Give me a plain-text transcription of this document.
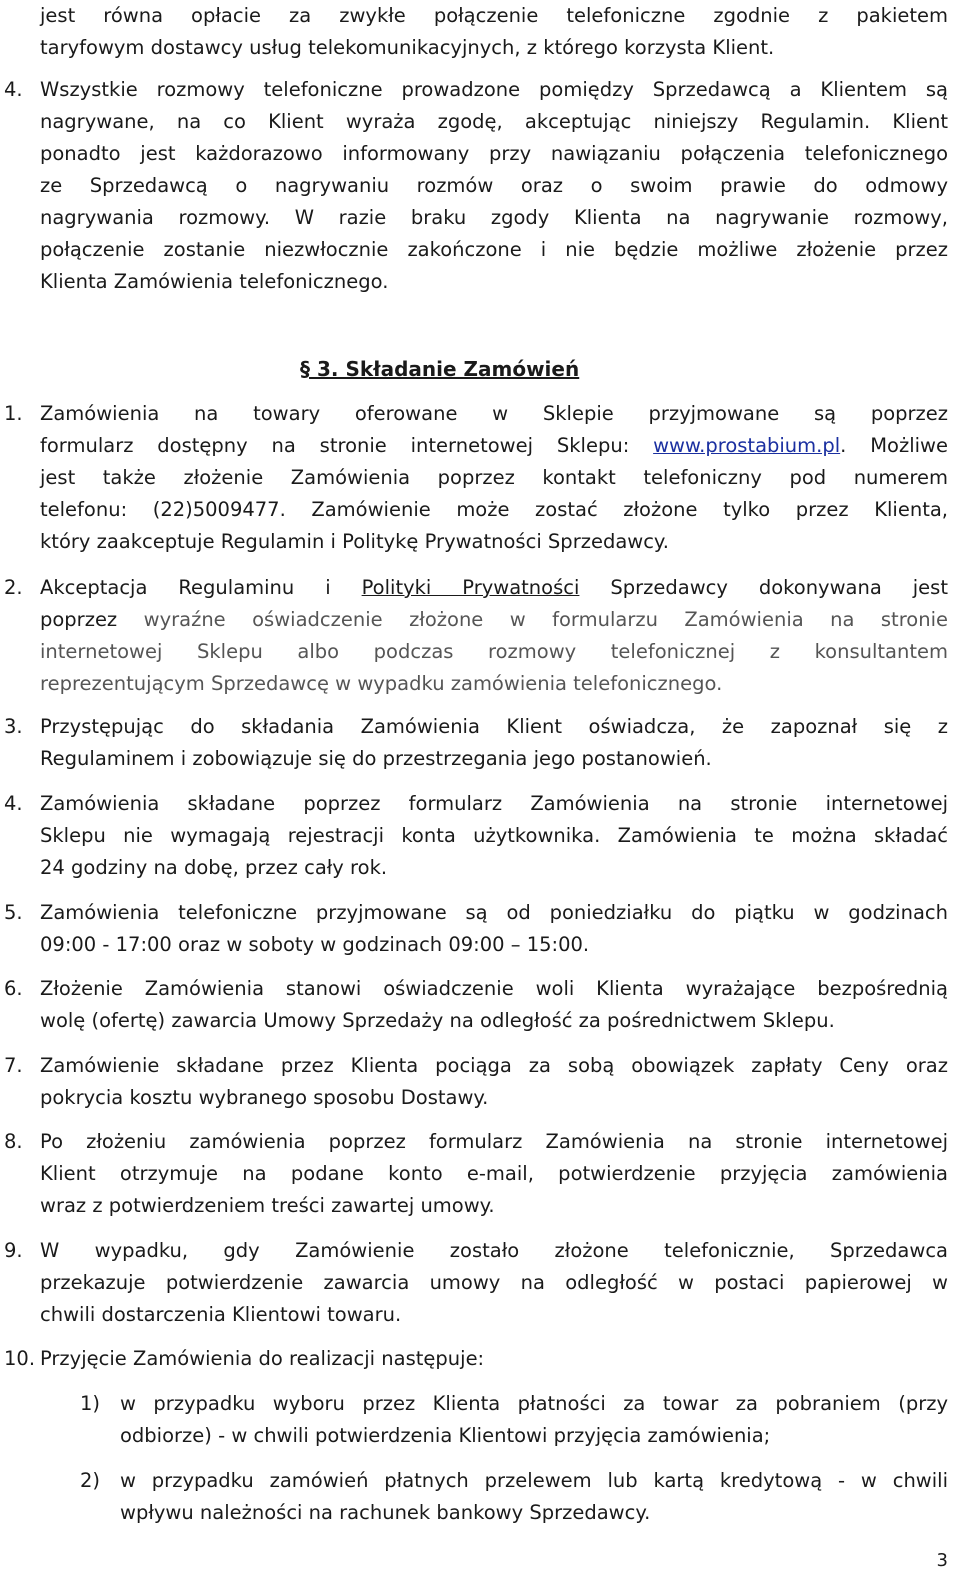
jest równa opłacie za zwykłe połączenie telefoniczne zgodnie z pakietem
taryfowym dostawcy usług telekomunikacyjnych, z którego korzysta Klient.
4. Wszystkie rozmowy telefoniczne prowadzone pomiędzy Sprzedawcą a Klientem są
nagrywane, na co Klient wyraża zgodę, akceptując niniejszy Regulamin. Klient
ponadto jest każdorazowo informowany przy nawiązaniu połączenia telefonicznego
ze Sprzedawcą o nagrywaniu rozmów oraz o swoim prawie do odmowy
nagrywania rozmowy. W razie braku zgody Klienta na nagrywanie rozmowy,
połączenie zostanie niezwłocznie zakończone i nie będzie możliwe złożenie przez
Klienta Zamówienia telefonicznego.
§ 3. Składanie Zamówień
1. Zamówienia na towary oferowane w Sklepie przyjmowane są poprzez
formularz dostępny na stronie internetowej Sklepu: www.prostabium.pl. Możliwe
jest także złożenie Zamówienia poprzez kontakt telefoniczny pod numerem
telefonu: (22)5009477. Zamówienie może zostać złożone tylko przez Klienta,
który zaakceptuje Regulamin i Politykę Prywatności Sprzedawcy.
2. Akceptacja Regulaminu i Polityki Prywatności Sprzedawcy dokonywana jest
poprzez wyraźne oświadczenie złożone w formularzu Zamówienia na stronie
internetowej Sklepu albo podczas rozmowy telefonicznej z konsultantem
reprezentującym Sprzedawcę w wypadku zamówienia telefonicznego.
3. Przystępując do składania Zamówienia Klient oświadcza, że zapoznał się z
Regulaminem i zobowiązuje się do przestrzegania jego postanowień.
4. Zamówienia składane poprzez formularz Zamówienia na stronie internetowej
Sklepu nie wymagają rejestracji konta użytkownika. Zamówienia te można składać
24 godziny na dobę, przez cały rok.
5. Zamówienia telefoniczne przyjmowane są od poniedziałku do piątku w godzinach
09:00 - 17:00 oraz w soboty w godzinach 09:00 – 15:00.
6. Złożenie Zamówienia stanowi oświadczenie woli Klienta wyrażające bezpośrednią
wolę (ofertę) zawarcia Umowy Sprzedaży na odległość za pośrednictwem Sklepu.
7. Zamówienie składane przez Klienta pociąga za sobą obowiązek zapłaty Ceny oraz
pokrycia kosztu wybranego sposobu Dostawy.
8. Po złożeniu zamówienia poprzez formularz Zamówienia na stronie internetowej
Klient otrzymuje na podane konto e-mail, potwierdzenie przyjęcia zamówienia
wraz z potwierdzeniem treści zawartej umowy.
9. W wypadku, gdy Zamówienie zostało złożone telefonicznie, Sprzedawca
przekazuje potwierdzenie zawarcia umowy na odległość w postaci papierowej w
chwili dostarczenia Klientowi towaru.
10. Przyjęcie Zamówienia do realizacji następuje:
1) w przypadku wyboru przez Klienta płatności za towar za pobraniem (przy
odbiorze) - w chwili potwierdzenia Klientowi przyjęcia zamówienia;
2) w przypadku zamówień płatnych przelewem lub kartą kredytową - w chwili
wpływu należności na rachunek bankowy Sprzedawcy.
3
